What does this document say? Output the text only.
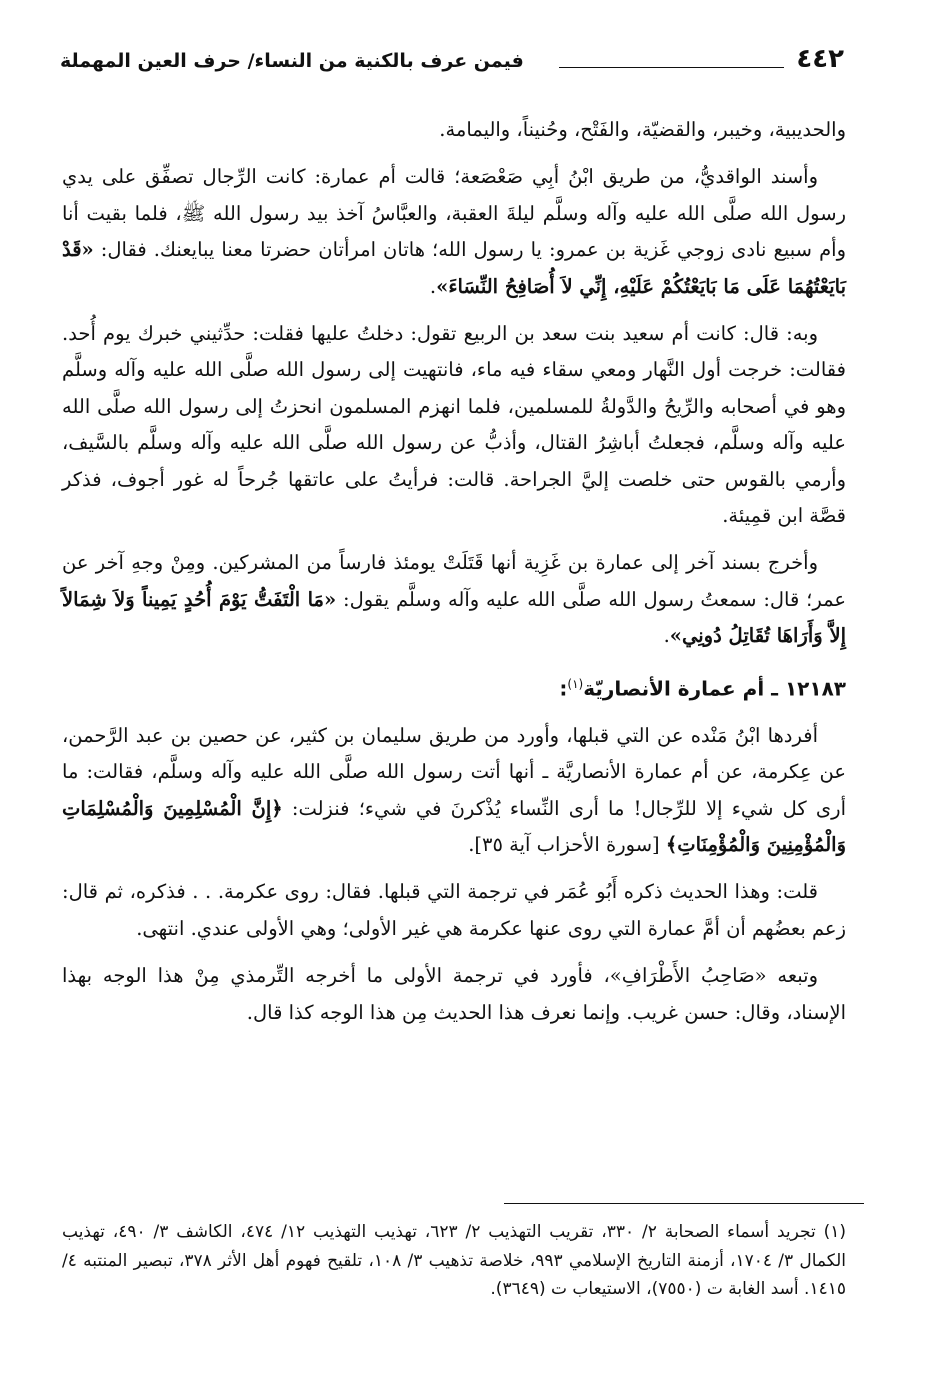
٤٤٢
فيمن عرف بالكنية من النساء/ حرف العين المهملة

والحديبية، وخيبر، والقضيّة، والفَتْح، وحُنيناً، واليمامة.

وأسند الواقديُّ، من طريق ابْنُ أبِي صَعْصَعة؛ قالت أم عمارة: كانت الرِّجال تصفِّق على يدي رسول الله صلَّى الله عليه وآله وسلَّم ليلةَ العقبة، والعبَّاسُ آخذ بيد رسول الله ﷺ، فلما بقيت أنا وأم سبيع نادى زوجي غَزية بن عمرو: يا رسول الله؛ هاتان امرأتان حضرتا معنا يبايعنك. فقال: «قَدْ بَايَعْتُهُمَا عَلَى مَا بَايَعْتُكُمْ عَلَيْهِ، إِنِّي لاَ أُصَافِحُ النِّسَاءَ».

وبه: قال: كانت أم سعيد بنت سعد بن الربيع تقول: دخلتُ عليها فقلت: حدِّثيني خبرك يوم أُحد. فقالت: خرجت أول النَّهار ومعي سقاء فيه ماء، فانتهيت إلى رسول الله صلَّى الله عليه وآله وسلَّم وهو في أصحابه والرِّيحُ والدَّولةُ للمسلمين، فلما انهزم المسلمون انحزتُ إلى رسول الله صلَّى الله عليه وآله وسلَّم، فجعلتُ أباشِرُ القتال، وأذبُّ عن رسول الله صلَّى الله عليه وآله وسلَّم بالسَّيف، وأرمي بالقوس حتى خلصت إليَّ الجراحة. قالت: فرأيتُ على عاتقها جُرحاً له غور أجوف، فذكر قصَّة ابن قمِيئة.

وأخرج بسند آخر إلى عمارة بن غَزِية أنها قَتَلَتْ يومئذ فارساً من المشركين. ومِنْ وجهِ آخر عن عمر؛ قال: سمعتُ رسول الله صلَّى الله عليه وآله وسلَّم يقول: «مَا الْتَفَتُّ يَوْمَ أُحُدٍ يَمِيناً وَلاَ شِمَالاً إِلاَّ وَأَرَاهَا تُقَاتِلُ دُونِي».

١٢١٨٣ ـ أم عمارة الأنصاريّة$^{(١)}$:

أفردها ابْنُ مَنْده عن التي قبلها، وأورد من طريق سليمان بن كثير، عن حصين بن عبد الرَّحمن، عن عِكرمة، عن أم عمارة الأنصاريَّة ـ أنها أتت رسول الله صلَّى الله عليه وآله وسلَّم، فقالت: ما أرى كل شيء إلا للرِّجال! ما أرى النِّساء يُذْكرنَ في شيء؛ فنزلت: ﴿إِنَّ الْمُسْلِمِينَ وَالْمُسْلِمَاتِ وَالْمُؤْمِنِينَ وَالْمُؤْمِنَاتِ﴾ [سورة الأحزاب آية ٣٥].

قلت: وهذا الحديث ذكره أَبُو عُمَر في ترجمة التي قبلها. فقال: روى عكرمة. . . فذكره، ثم قال: زعم بعضُهم أن أمَّ عمارة التي روى عنها عكرمة هي غير الأولى؛ وهي الأولى عندي. انتهى.

وتبعه «صَاحِبُ الأَطْرَافِ»، فأورد في ترجمة الأولى ما أخرجه التِّرمذي مِنْ هذا الوجه بهذا الإسناد، وقال: حسن غريب. وإنما نعرف هذا الحديث مِن هذا الوجه كذا قال.

(١) تجريد أسماء الصحابة ٢/ ٣٣٠، تقريب التهذيب ٢/ ٦٢٣، تهذيب التهذيب ١٢/ ٤٧٤، الكاشف ٣/ ٤٩٠، تهذيب الكمال ٣/ ١٧٠٤، أزمنة التاريخ الإسلامي ٩٩٣، خلاصة تذهيب ٣/ ١٠٨، تلقيح فهوم أهل الأثر ٣٧٨، تبصير المنتبه ٤/ ١٤١٥. أسد الغابة ت (٧٥٥٠)، الاستيعاب ت (٣٦٤٩).
